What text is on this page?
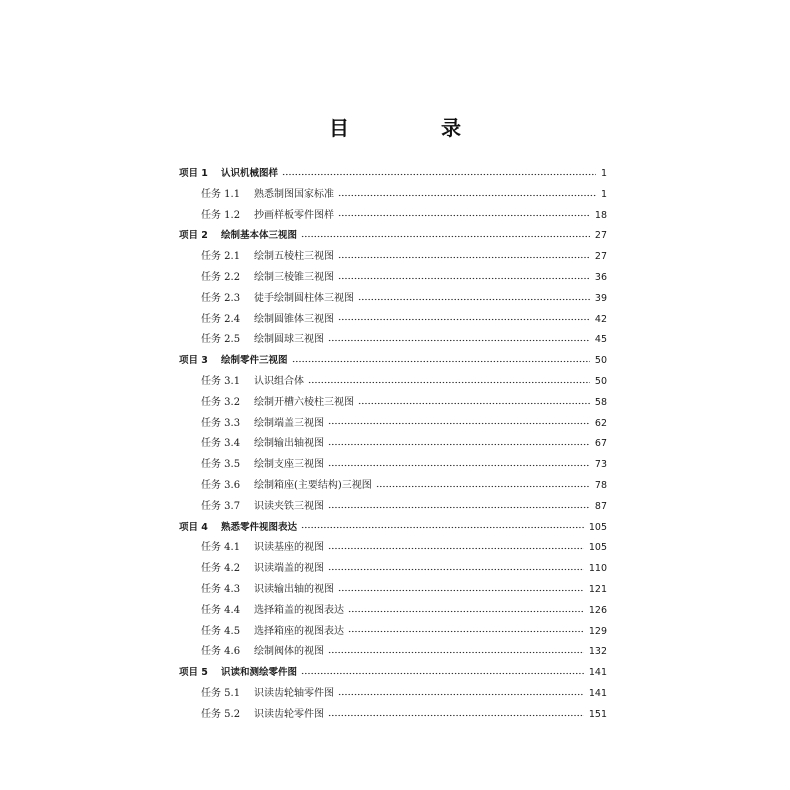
目　录
项目 1	认识机械图样	1
任务 1.1	熟悉制图国家标准	1
任务 1.2	抄画样板零件图样	18
项目 2	绘制基本体三视图	27
任务 2.1	绘制五棱柱三视图	27
任务 2.2	绘制三棱锥三视图	36
任务 2.3	徒手绘制圆柱体三视图	39
任务 2.4	绘制圆锥体三视图	42
任务 2.5	绘制圆球三视图	45
项目 3	绘制零件三视图	50
任务 3.1	认识组合体	50
任务 3.2	绘制开槽六棱柱三视图	58
任务 3.3	绘制端盖三视图	62
任务 3.4	绘制输出轴视图	67
任务 3.5	绘制支座三视图	73
任务 3.6	绘制箱座(主要结构)三视图	78
任务 3.7	识读夹铁三视图	87
项目 4	熟悉零件视图表达	105
任务 4.1	识读基座的视图	105
任务 4.2	识读端盖的视图	110
任务 4.3	识读输出轴的视图	121
任务 4.4	选择箱盖的视图表达	126
任务 4.5	选择箱座的视图表达	129
任务 4.6	绘制阀体的视图	132
项目 5	识读和测绘零件图	141
任务 5.1	识读齿轮轴零件图	141
任务 5.2	识读齿轮零件图	151
